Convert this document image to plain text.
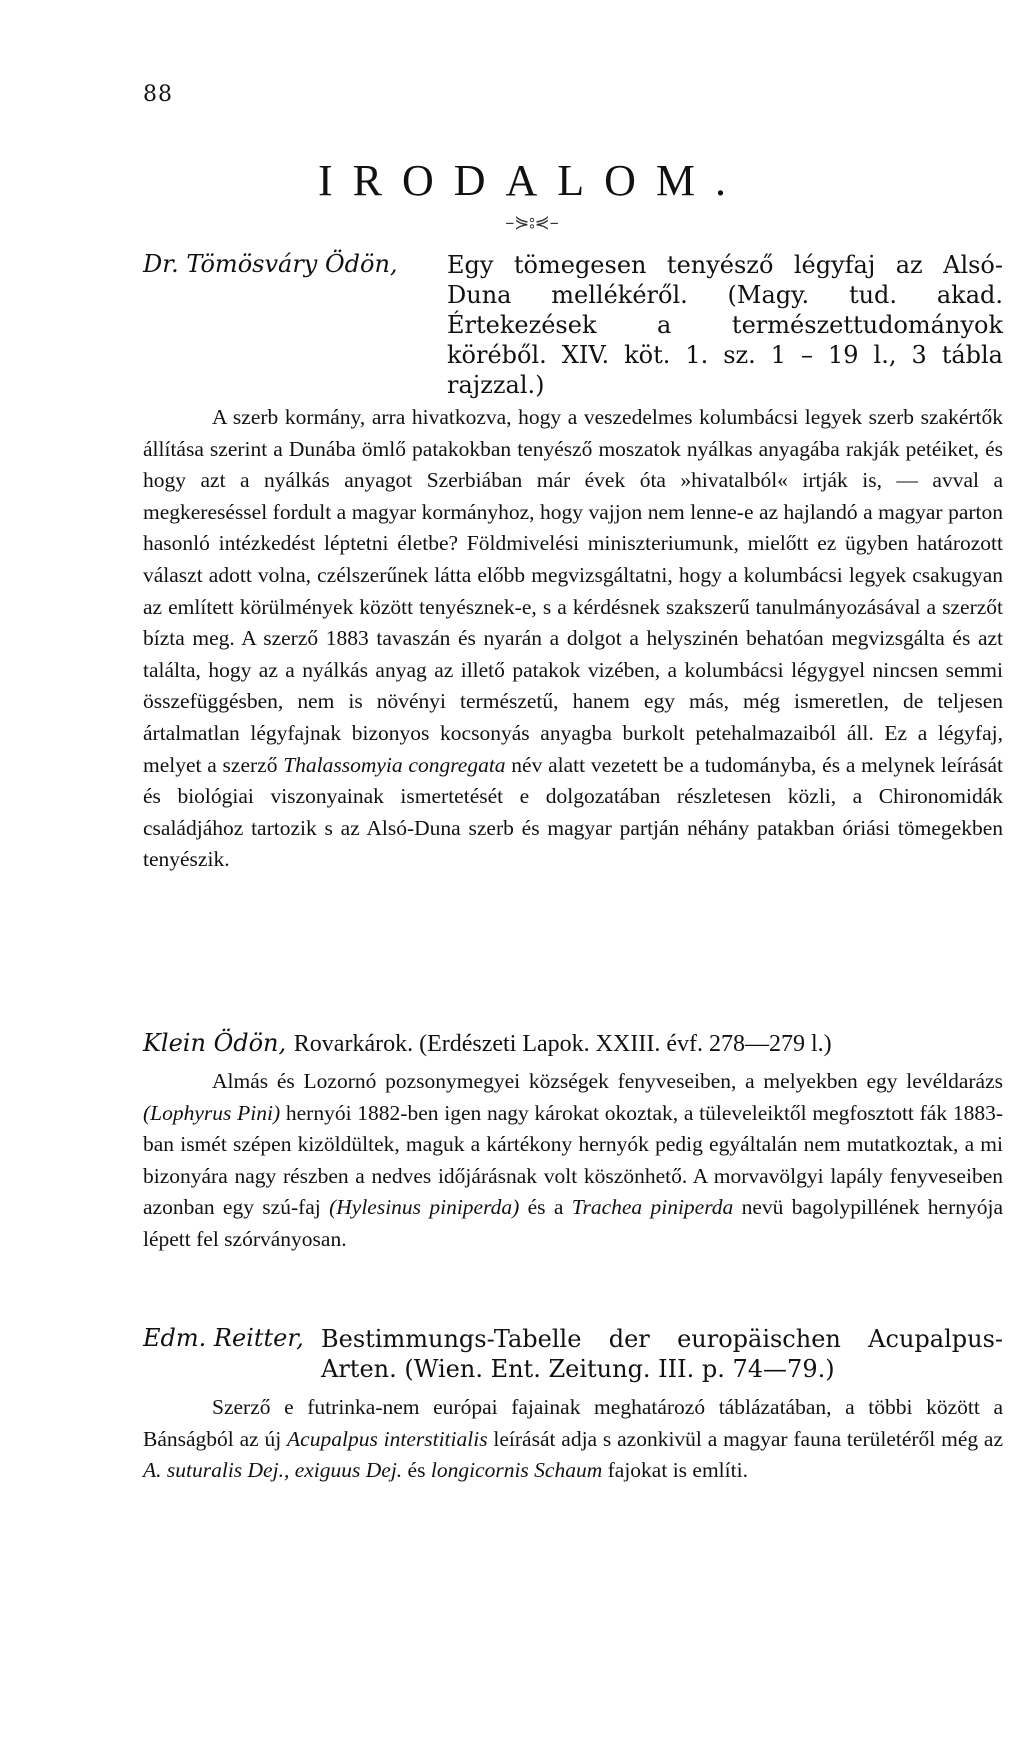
88
IRODALOM.
–⋟⦂⋞–
Dr. Tömösváry Ödön,	Egy tömegesen tenyésző légyfaj az Alsó-Duna mellékéről. (Magy. tud. akad. Értekezések a természettudományok köréből. XIV. köt. 1. sz. 1 – 19 l., 3 tábla rajzzal.)

A szerb kormány, arra hivatkozva, hogy a veszedelmes kolumbácsi legyek szerb szakértők állítása szerint a Dunába ömlő patakokban tenyésző moszatok nyálkas anyagába rakják petéiket, és hogy azt a nyálkás anyagot Szerbiában már évek óta »hivatalból« irtják is, — avval a megkereséssel fordult a magyar kormányhoz, hogy vajjon nem lenne-e az hajlandó a magyar parton hasonló intézkedést léptetni életbe? Földmivelési miniszteriumunk, mielőtt ez ügyben határozott választ adott volna, czélszerűnek látta előbb megvizsgáltatni, hogy a kolumbácsi legyek csakugyan az említett körülmények között tenyésznek-e, s a kérdésnek szakszerű tanulmányozásával a szerzőt bízta meg. A szerző 1883 tavaszán és nyarán a dolgot a helyszinén behatóan megvizsgálta és azt találta, hogy az a nyálkás anyag az illető patakok vizében, a kolumbácsi légygyel nincsen semmi összefüggésben, nem is növényi természetű, hanem egy más, még ismeretlen, de teljesen ártalmatlan légyfajnak bizonyos kocsonyás anyagba burkolt petehalmazaiból áll. Ez a légyfaj, melyet a szerző Thalassomyia congregata név alatt vezetett be a tudományba, és a melynek leírását és biológiai viszonyainak ismertetését e dolgozatában részletesen közli, a Chironomidák családjához tartozik s az Alsó-Duna szerb és magyar partján néhány patakban óriási tömegekben tenyészik.

Klein Ödön, Rovarkárok. (Erdészeti Lapok. XXIII. évf. 278—279 l.)

Almás és Lozornó pozsonymegyei községek fenyveseiben, a melyekben egy levéldarázs (Lophyrus Pini) hernyói 1882-ben igen nagy károkat okoztak, a tüleveleiktől megfosztott fák 1883-ban ismét szépen kizöldültek, maguk a kártékony hernyók pedig egyáltalán nem mutatkoztak, a mi bizonyára nagy részben a nedves időjárásnak volt köszönhető. A morvavölgyi lapály fenyveseiben azonban egy szú-faj (Hylesinus piniperda) és a Trachea piniperda nevü bagolypillének hernyója lépett fel szórványosan.

Edm. Reitter, Bestimmungs-Tabelle der europäischen Acupalpus-Arten. (Wien. Ent. Zeitung. III. p. 74—79.)

Szerző e futrinka-nem európai fajainak meghatározó táblázatában, a többi között a Bánságból az új Acupalpus interstitialis leírását adja s azonkivül a magyar fauna területéről még az A. suturalis Dej., exiguus Dej. és longicornis Schaum fajokat is említi.
